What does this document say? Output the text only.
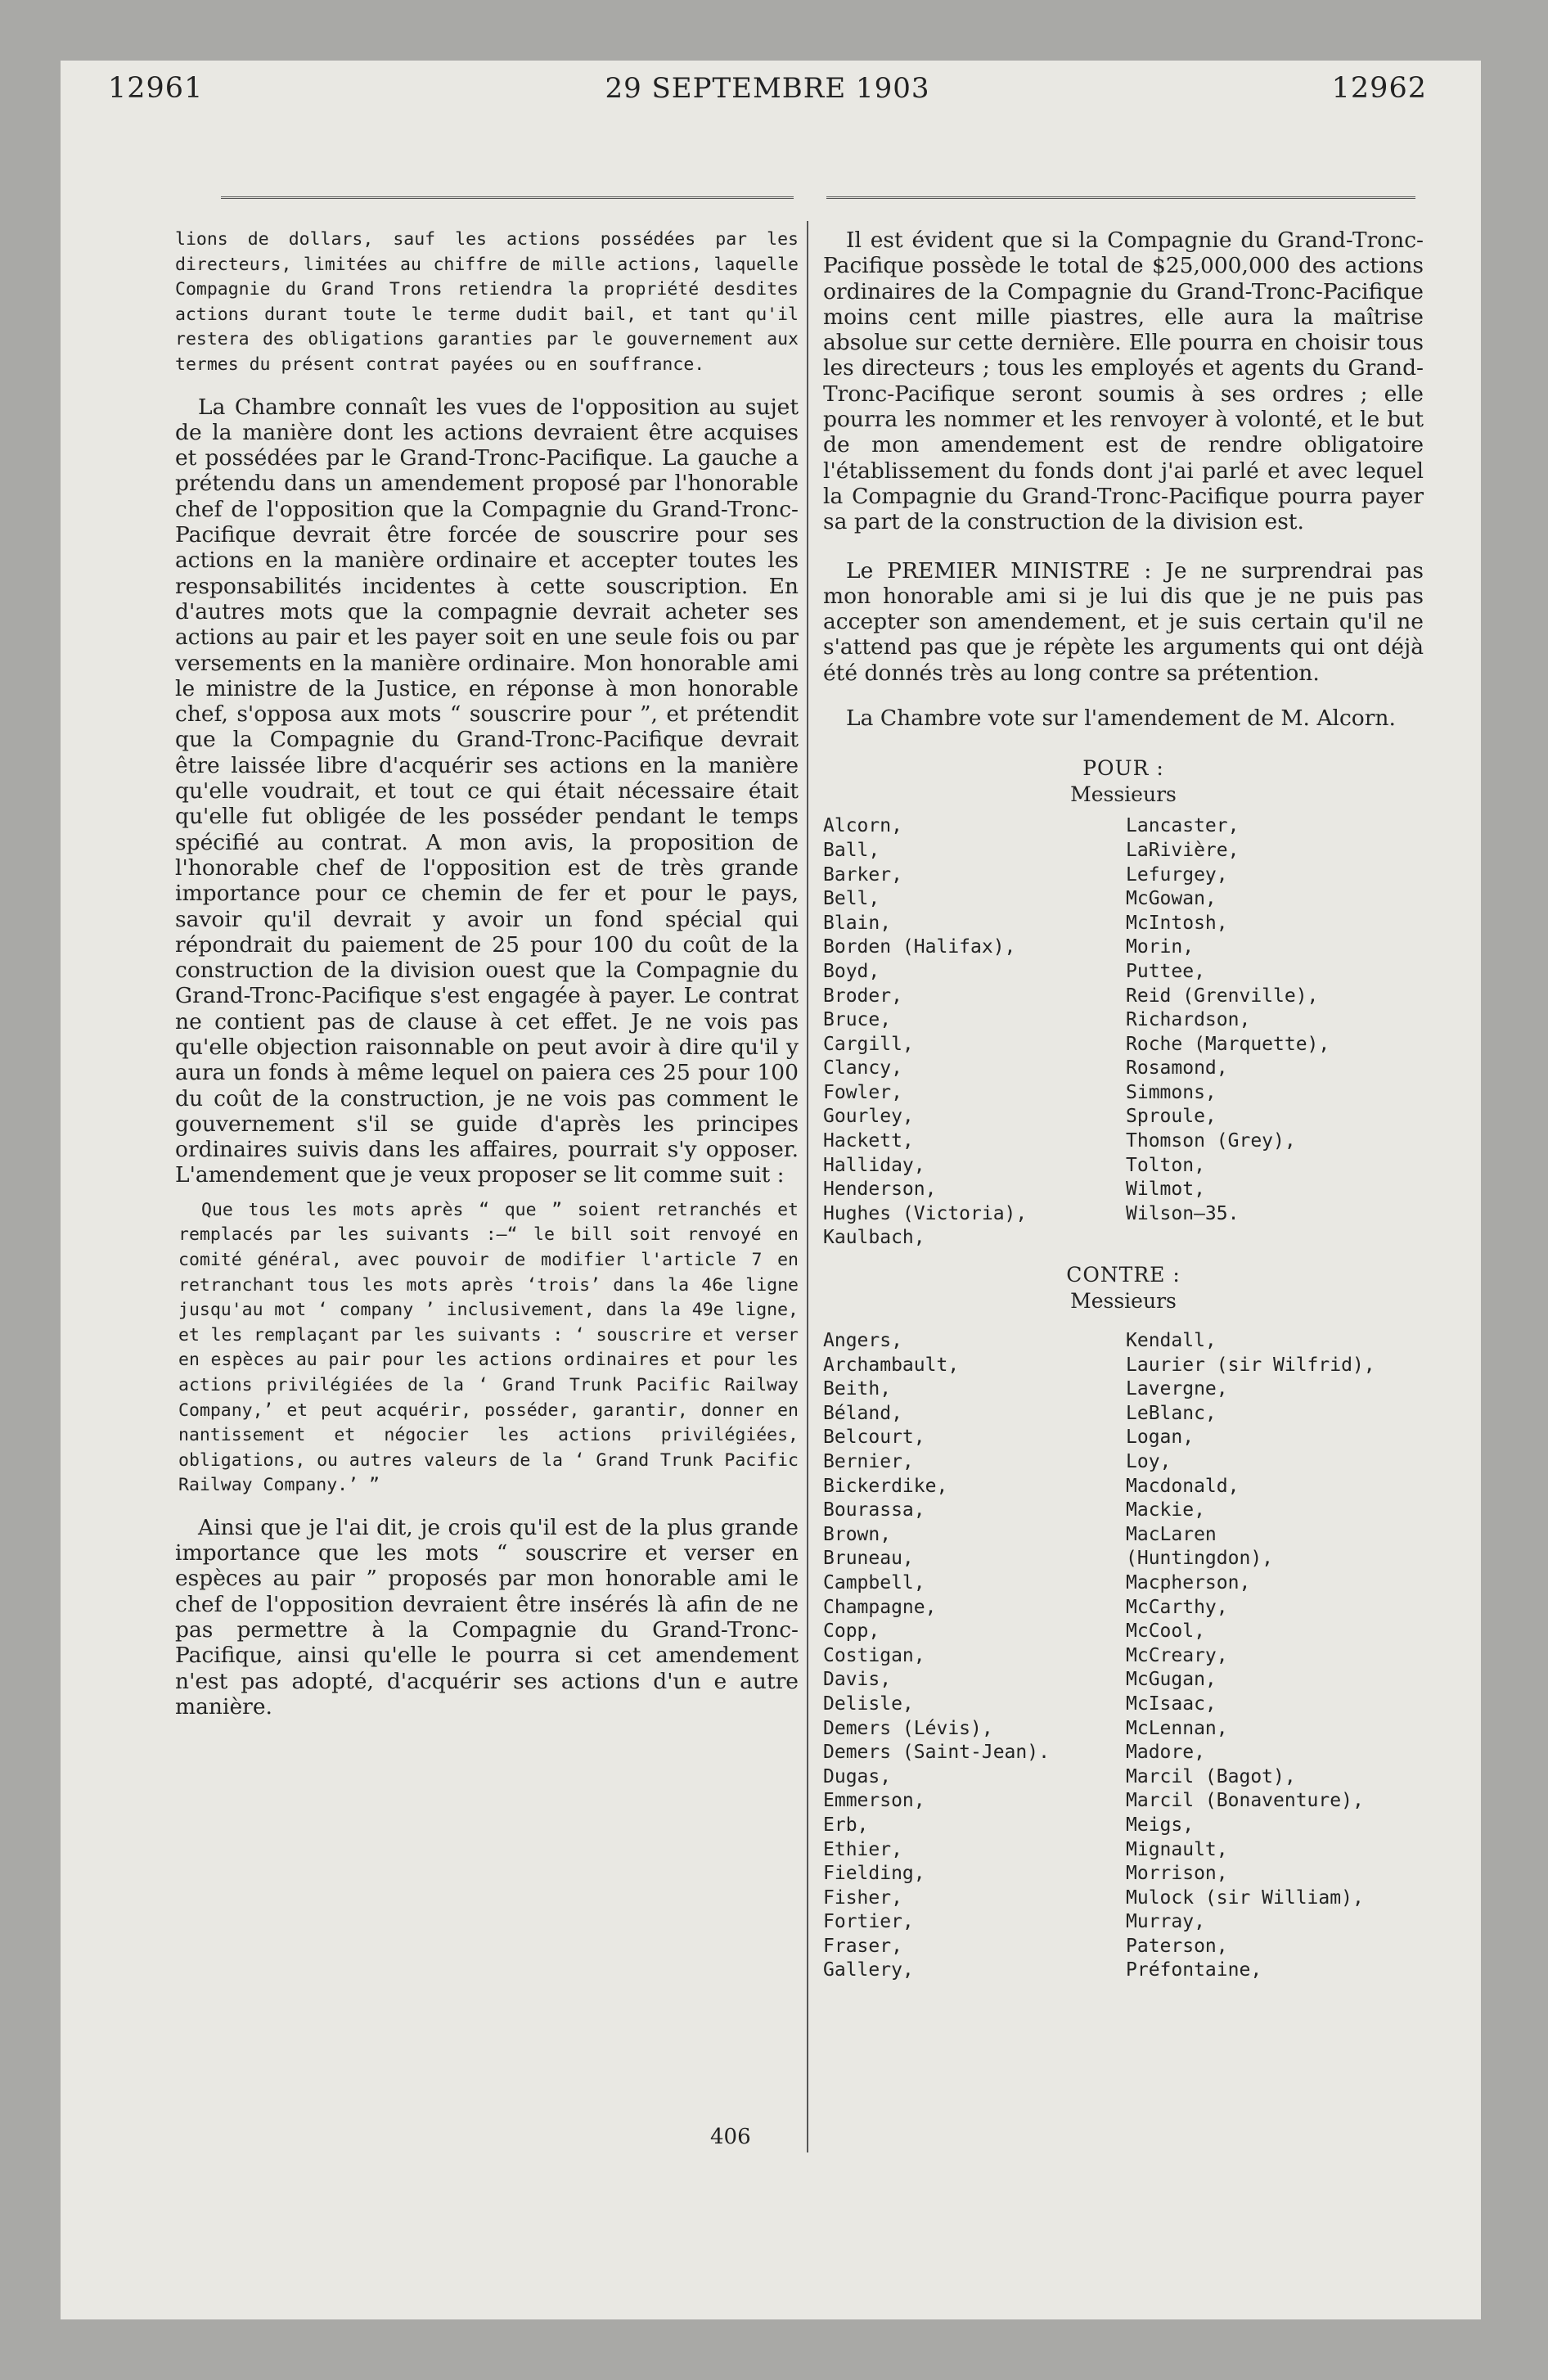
12961	29 SEPTEMBRE 1903	12962

lions de dollars, sauf les actions possédées par les directeurs, limitées au chiffre de mille actions, laquelle Compagnie du Grand Trons retiendra la propriété desdites actions durant toute le terme dudit bail, et tant qu'il restera des obligations garanties par le gouvernement aux termes du présent contrat payées ou en souffrance.

La Chambre connaît les vues de l'opposition au sujet de la manière dont les actions devraient être acquises et possédées par le Grand-Tronc-Pacifique. La gauche a prétendu dans un amendement proposé par l'honorable chef de l'opposition que la Compagnie du Grand-Tronc-Pacifique devrait être forcée de souscrire pour ses actions en la manière ordinaire et accepter toutes les responsabilités incidentes à cette souscription. En d'autres mots que la compagnie devrait acheter ses actions au pair et les payer soit en une seule fois ou par versements en la manière ordinaire. Mon honorable ami le ministre de la Justice, en réponse à mon honorable chef, s'opposa aux mots “ souscrire pour ”, et prétendit que la Compagnie du Grand-Tronc-Pacifique devrait être laissée libre d'acquérir ses actions en la manière qu'elle voudrait, et tout ce qui était nécessaire était qu'elle fut obligée de les posséder pendant le temps spécifié au contrat. A mon avis, la proposition de l'honorable chef de l'opposition est de très grande importance pour ce chemin de fer et pour le pays, savoir qu'il devrait y avoir un fond spécial qui répondrait du paiement de 25 pour 100 du coût de la construction de la division ouest que la Compagnie du Grand-Tronc-Pacifique s'est engagée à payer. Le contrat ne contient pas de clause à cet effet. Je ne vois pas qu'elle objection raisonnable on peut avoir à dire qu'il y aura un fonds à même lequel on paiera ces 25 pour 100 du coût de la construction, je ne vois pas comment le gouvernement s'il se guide d'après les principes ordinaires suivis dans les affaires, pourrait s'y opposer. L'amendement que je veux proposer se lit comme suit :

Que tous les mots après “ que ” soient retranchés et remplacés par les suivants :—“ le bill soit renvoyé en comité général, avec pouvoir de modifier l'article 7 en retranchant tous les mots après ‘trois’ dans la 46e ligne jusqu'au mot ‘ company ’ inclusivement, dans la 49e ligne, et les remplaçant par les suivants : ‘ souscrire et verser en espèces au pair pour les actions ordinaires et pour les actions privilégiées de la ‘ Grand Trunk Pacific Railway Company,’ et peut acquérir, posséder, garantir, donner en nantissement et négocier les actions privilégiées, obligations, ou autres valeurs de la ‘ Grand Trunk Pacific Railway Company.’ ”

Ainsi que je l'ai dit, je crois qu'il est de la plus grande importance que les mots “ souscrire et verser en espèces au pair ” proposés par mon honorable ami le chef de l'opposition devraient être insérés là afin de ne pas permettre à la Compagnie du Grand-Tronc-Pacifique, ainsi qu'elle le pourra si cet amendement n'est pas adopté, d'acquérir ses actions d'un e autre manière.

Il est évident que si la Compagnie du Grand-Tronc-Pacifique possède le total de $25,000,000 des actions ordinaires de la Compagnie du Grand-Tronc-Pacifique moins cent mille piastres, elle aura la maîtrise absolue sur cette dernière. Elle pourra en choisir tous les directeurs ; tous les employés et agents du Grand-Tronc-Pacifique seront soumis à ses ordres ; elle pourra les nommer et les renvoyer à volonté, et le but de mon amendement est de rendre obligatoire l'établissement du fonds dont j'ai parlé et avec lequel la Compagnie du Grand-Tronc-Pacifique pourra payer sa part de la construction de la division est.

Le PREMIER MINISTRE : Je ne surprendrai pas mon honorable ami si je lui dis que je ne puis pas accepter son amendement, et je suis certain qu'il ne s'attend pas que je répète les arguments qui ont déjà été donnés très au long contre sa prétention.

La Chambre vote sur l'amendement de M. Alcorn.

POUR :

Messieurs

Alcorn,
Ball,
Barker,
Bell,
Blain,
Borden (Halifax),
Boyd,
Broder,
Bruce,
Cargill,
Clancy,
Fowler,
Gourley,
Hackett,
Halliday,
Henderson,
Hughes (Victoria),
Kaulbach,
Lancaster,
LaRivière,
Lefurgey,
McGowan,
McIntosh,
Morin,
Puttee,
Reid (Grenville),
Richardson,
Roche (Marquette),
Rosamond,
Simmons,
Sproule,
Thomson (Grey),
Tolton,
Wilmot,
Wilson—35.

CONTRE :

Messieurs

Angers,
Archambault,
Beith,
Béland,
Belcourt,
Bernier,
Bickerdike,
Bourassa,
Brown,
Bruneau,
Campbell,
Champagne,
Copp,
Costigan,
Davis,
Delisle,
Demers (Lévis),
Demers (Saint-Jean).
Dugas,
Emmerson,
Erb,
Ethier,
Fielding,
Fisher,
Fortier,
Fraser,
Gallery,
Kendall,
Laurier (sir Wilfrid),
Lavergne,
LeBlanc,
Logan,
Loy,
Macdonald,
Mackie,
MacLaren
(Huntingdon),
Macpherson,
McCarthy,
McCool,
McCreary,
McGugan,
McIsaac,
McLennan,
Madore,
Marcil (Bagot),
Marcil (Bonaventure),
Meigs,
Mignault,
Morrison,
Mulock (sir William),
Murray,
Paterson,
Préfontaine,
406
